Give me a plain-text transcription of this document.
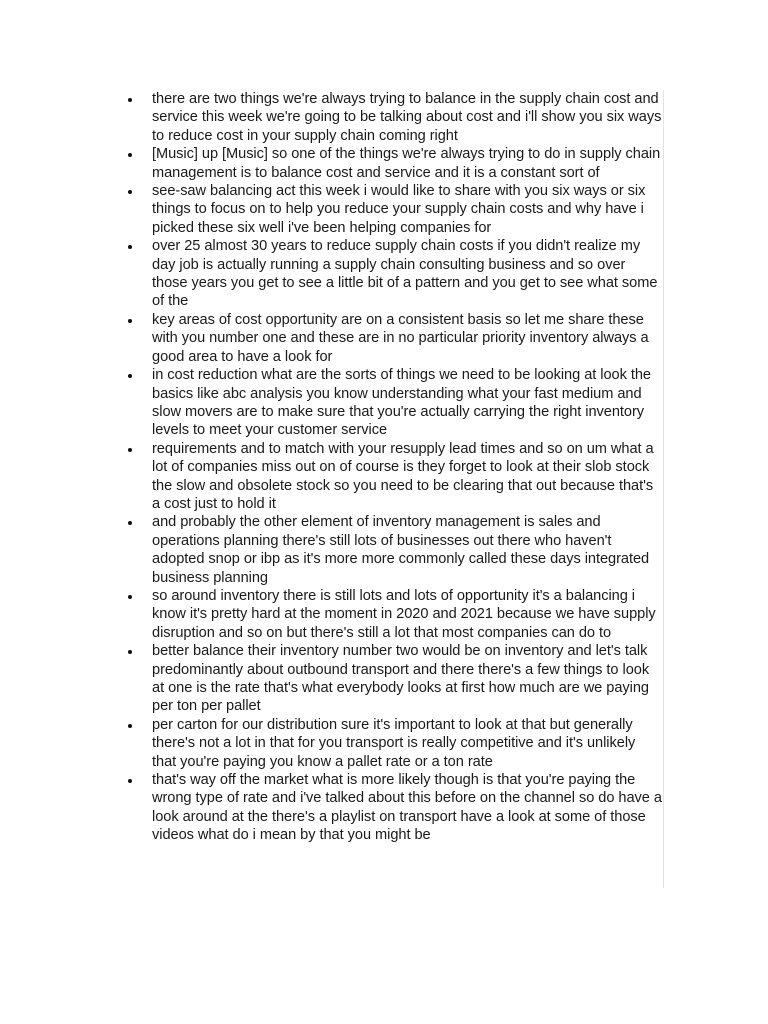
there are two things we're always trying to balance in the supply chain cost and service this week we're going to be talking about cost and i'll show you six ways to reduce cost in your supply chain coming right
[Music] up [Music] so one of the things we're always trying to do in supply chain management is to balance cost and service and it is a constant sort of
see-saw balancing act this week i would like to share with you six ways or six things to focus on to help you reduce your supply chain costs and why have i picked these six well i've been helping companies for
over 25 almost 30 years to reduce supply chain costs if you didn't realize my day job is actually running a supply chain consulting business and so over those years you get to see a little bit of a pattern and you get to see what some of the
key areas of cost opportunity are on a consistent basis so let me share these with you number one and these are in no particular priority inventory always a good area to have a look for
in cost reduction what are the sorts of things we need to be looking at look the basics like abc analysis you know understanding what your fast medium and slow movers are to make sure that you're actually carrying the right inventory levels to meet your customer service
requirements and to match with your resupply lead times and so on um what a lot of companies miss out on of course is they forget to look at their slob stock the slow and obsolete stock so you need to be clearing that out because that's a cost just to hold it
and probably the other element of inventory management is sales and operations planning there's still lots of businesses out there who haven't adopted snop or ibp as it's more more commonly called these days integrated business planning
so around inventory there is still lots and lots of opportunity it's a balancing i know it's pretty hard at the moment in 2020 and 2021 because we have supply disruption and so on but there's still a lot that most companies can do to
better balance their inventory number two would be on inventory and let's talk predominantly about outbound transport and there there's a few things to look at one is the rate that's what everybody looks at first how much are we paying per ton per pallet
per carton for our distribution sure it's important to look at that but generally there's not a lot in that for you transport is really competitive and it's unlikely that you're paying you know a pallet rate or a ton rate
that's way off the market what is more likely though is that you're paying the wrong type of rate and i've talked about this before on the channel so do have a look around at the there's a playlist on transport have a look at some of those videos what do i mean by that you might be
